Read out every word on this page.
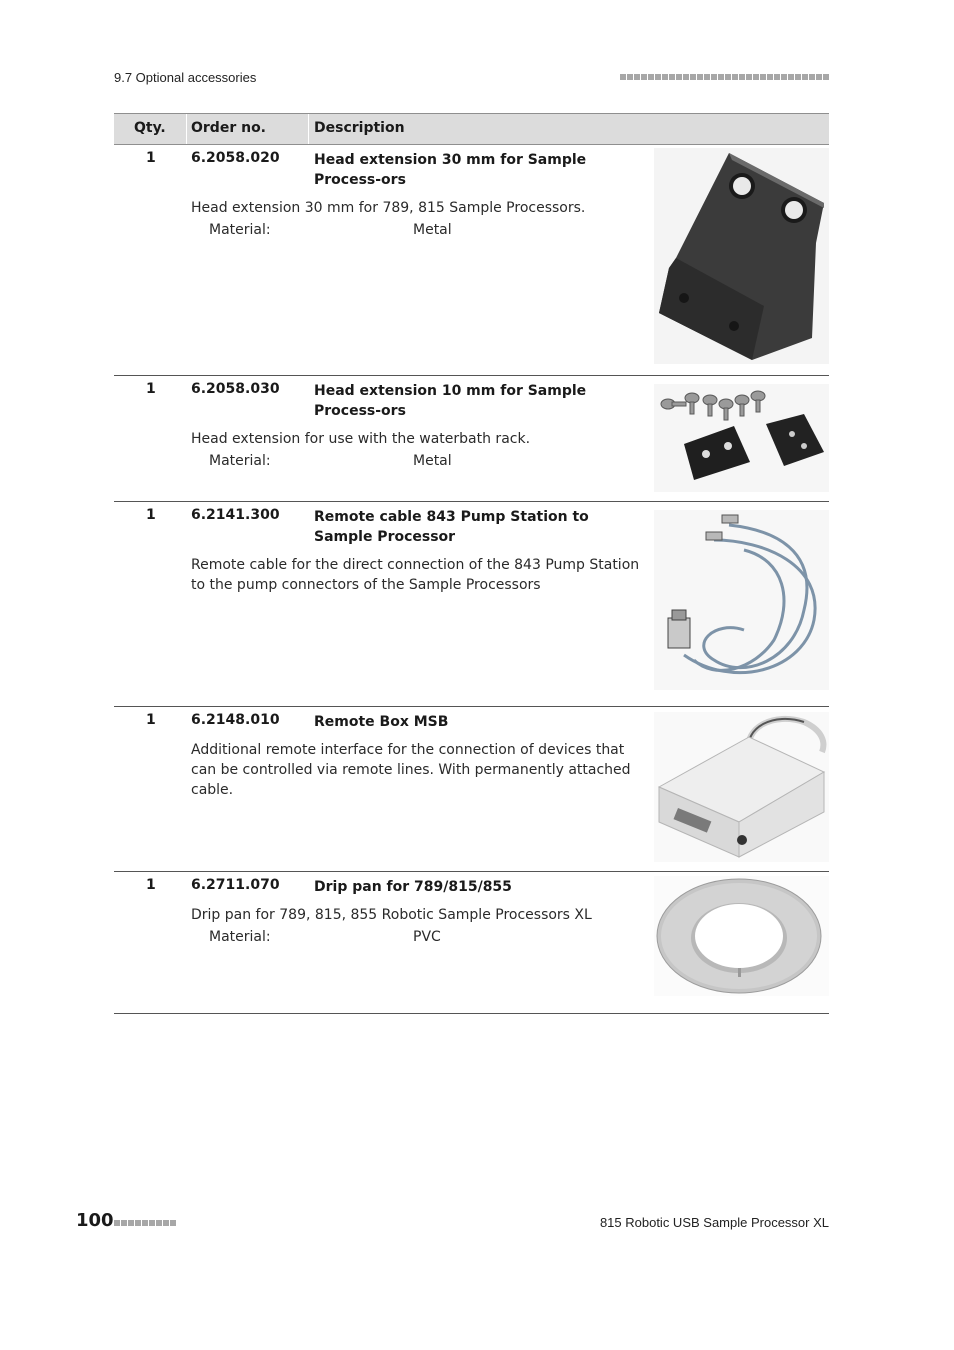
9.7 Optional accessories
Qty. Order no.	Description
1	6.2058.020 Head extension 30 mm for Sample Process-ors
Head extension 30 mm for 789, 815 Sample Processors.
Material:	Metal
1	6.2058.030 Head extension 10 mm for Sample Process-ors
Head extension for use with the waterbath rack.
Material:	Metal
1	6.2141.300 Remote cable 843 Pump Station to Sample Processor
Remote cable for the direct connection of the 843 Pump Station to the pump connectors of the Sample Processors
1	6.2148.010 Remote Box MSB
Additional remote interface for the connection of devices that can be controlled via remote lines. With permanently attached cable.
1	6.2711.070 Drip pan for 789/815/855
Drip pan for 789, 815, 855 Robotic Sample Processors XL
Material:	PVC
100	815 Robotic USB Sample Processor XL
